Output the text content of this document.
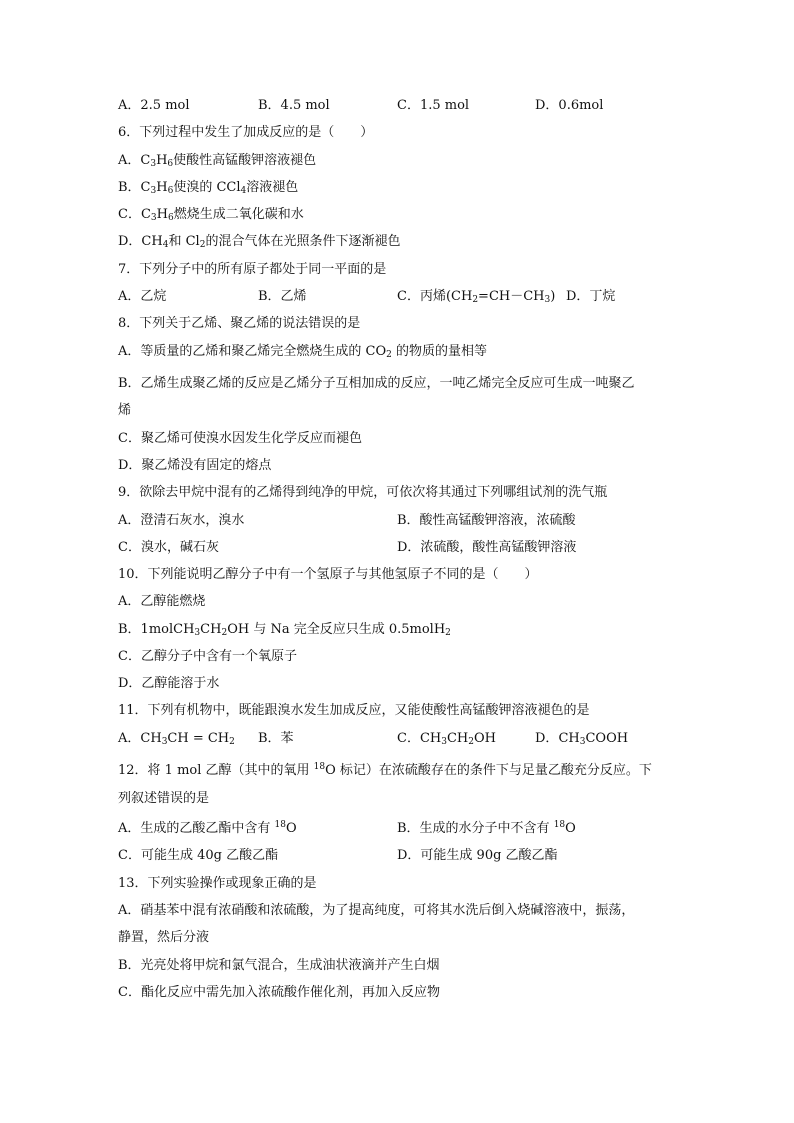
A．2.5 mol	B．4.5 mol	C．1.5 mol	D．0.6mol
6．下列过程中发生了加成反应的是（　　）
A．$C_3H_6$使酸性高锰酸钾溶液褪色
B．$C_3H_6$使溴的 CCl$_4$溶液褪色
C．$C_3H_6$燃烧生成二氧化碳和水
D．$CH_4$和 $Cl_2$的混合气体在光照条件下逐渐褪色
7．下列分子中的所有原子都处于同一平面的是
A．乙烷	B．乙烯	C．丙烯$(CH_2=CH-CH_3)$ D．丁烷
8．下列关于乙烯、聚乙烯的说法错误的是
A．等质量的乙烯和聚乙烯完全燃烧生成的 $CO_2$ 的物质的量相等
B．乙烯生成聚乙烯的反应是乙烯分子互相加成的反应，一吨乙烯完全反应可生成一吨聚乙
烯
C．聚乙烯可使溴水因发生化学反应而褪色
D．聚乙烯没有固定的熔点
9．欲除去甲烷中混有的乙烯得到纯净的甲烷，可依次将其通过下列哪组试剂的洗气瓶
A．澄清石灰水，溴水	B．酸性高锰酸钾溶液，浓硫酸
C．溴水，碱石灰	D．浓硫酸，酸性高锰酸钾溶液
10．下列能说明乙醇分子中有一个氢原子与其他氢原子不同的是（　　）
A．乙醇能燃烧
B．$1molCH_3CH_2OH$ 与 Na 完全反应只生成 0.5molH$_2$
C．乙醇分子中含有一个氧原子
D．乙醇能溶于水
11．下列有机物中，既能跟溴水发生加成反应，又能使酸性高锰酸钾溶液褪色的是
A．$CH_3CH = CH_2$ B．苯	C．$CH_3CH_2OH$	D．$CH_3COOH$
12．将 1 mol 乙醇（其中的氧用 $^{18}$O 标记）在浓硫酸存在的条件下与足量乙酸充分反应。下
列叙述错误的是
A．生成的乙酸乙酯中含有 $^{18}$O	B．生成的水分子中不含有 $^{18}$O
C．可能生成 40g 乙酸乙酯	D．可能生成 90g 乙酸乙酯
13．下列实验操作或现象正确的是
A．硝基苯中混有浓硝酸和浓硫酸，为了提高纯度，可将其水洗后倒入烧碱溶液中，振荡，
静置，然后分液
B．光亮处将甲烷和氯气混合，生成油状液滴并产生白烟
C．酯化反应中需先加入浓硫酸作催化剂，再加入反应物
